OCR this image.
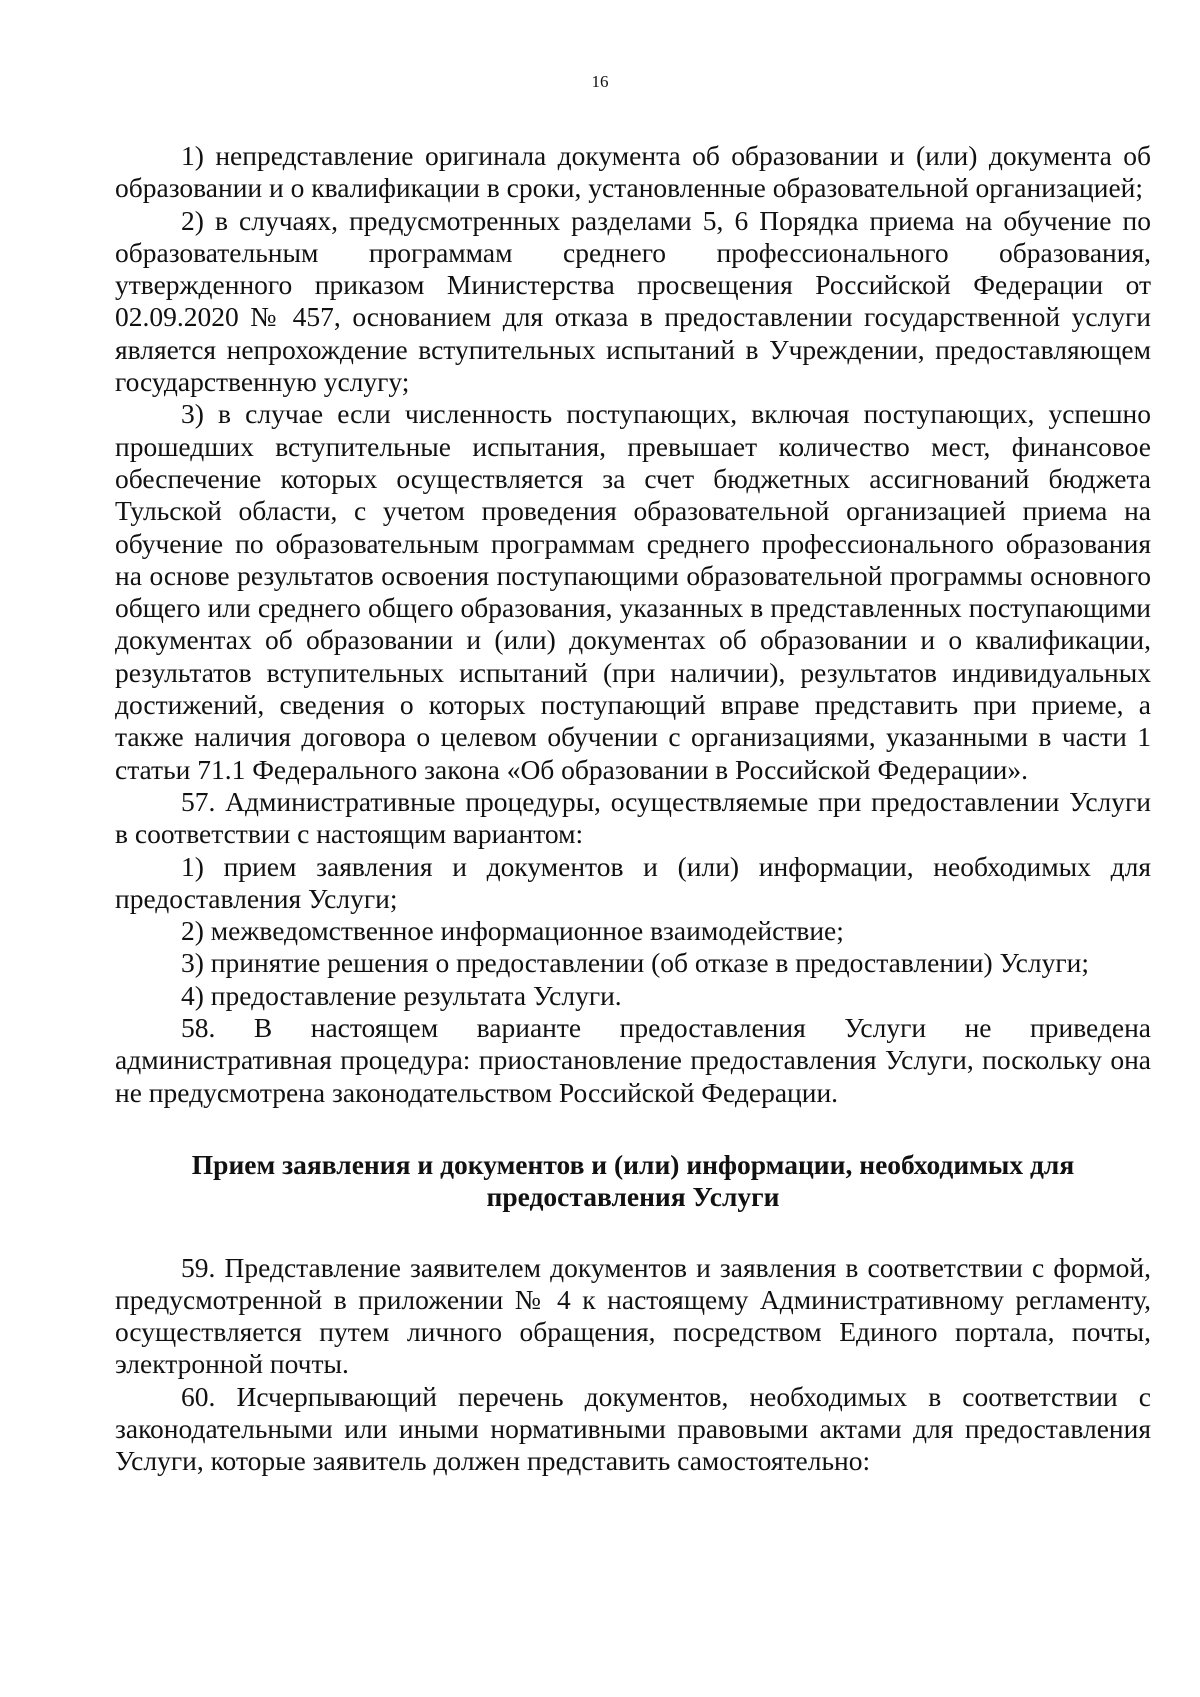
16

1) непредставление оригинала документа об образовании и (или) документа об образовании и о квалификации в сроки, установленные образовательной организацией;

2) в случаях, предусмотренных разделами 5, 6 Порядка приема на обучение по образовательным программам среднего профессионального образования, утвержденного приказом Министерства просвещения Российской Федерации от 02.09.2020 № 457, основанием для отказа в предоставлении государственной услуги является непрохождение вступительных испытаний в Учреждении, предоставляющем государственную услугу;

3) в случае если численность поступающих, включая поступающих, успешно прошедших вступительные испытания, превышает количество мест, финансовое обеспечение которых осуществляется за счет бюджетных ассигнований бюджета Тульской области, с учетом проведения образовательной организацией приема на обучение по образовательным программам среднего профессионального образования на основе результатов освоения поступающими образовательной программы основного общего или среднего общего образования, указанных в представленных поступающими документах об образовании и (или) документах об образовании и о квалификации, результатов вступительных испытаний (при наличии), результатов индивидуальных достижений, сведения о которых поступающий вправе представить при приеме, а также наличия договора о целевом обучении с организациями, указанными в части 1 статьи 71.1 Федерального закона «Об образовании в Российской Федерации».

57. Административные процедуры, осуществляемые при предоставлении Услуги в соответствии с настоящим вариантом:

1) прием заявления и документов и (или) информации, необходимых для предоставления Услуги;

2) межведомственное информационное взаимодействие;

3) принятие решения о предоставлении (об отказе в предоставлении) Услуги;

4) предоставление результата Услуги.

58. В настоящем варианте предоставления Услуги не приведена административная процедура: приостановление предоставления Услуги, поскольку она не предусмотрена законодательством Российской Федерации.

Прием заявления и документов и (или) информации, необходимых для предоставления Услуги

59. Представление заявителем документов и заявления в соответствии с формой, предусмотренной в приложении № 4 к настоящему Административному регламенту, осуществляется путем личного обращения, посредством Единого портала, почты, электронной почты.

60. Исчерпывающий перечень документов, необходимых в соответствии с законодательными или иными нормативными правовыми актами для предоставления Услуги, которые заявитель должен представить самостоятельно:
